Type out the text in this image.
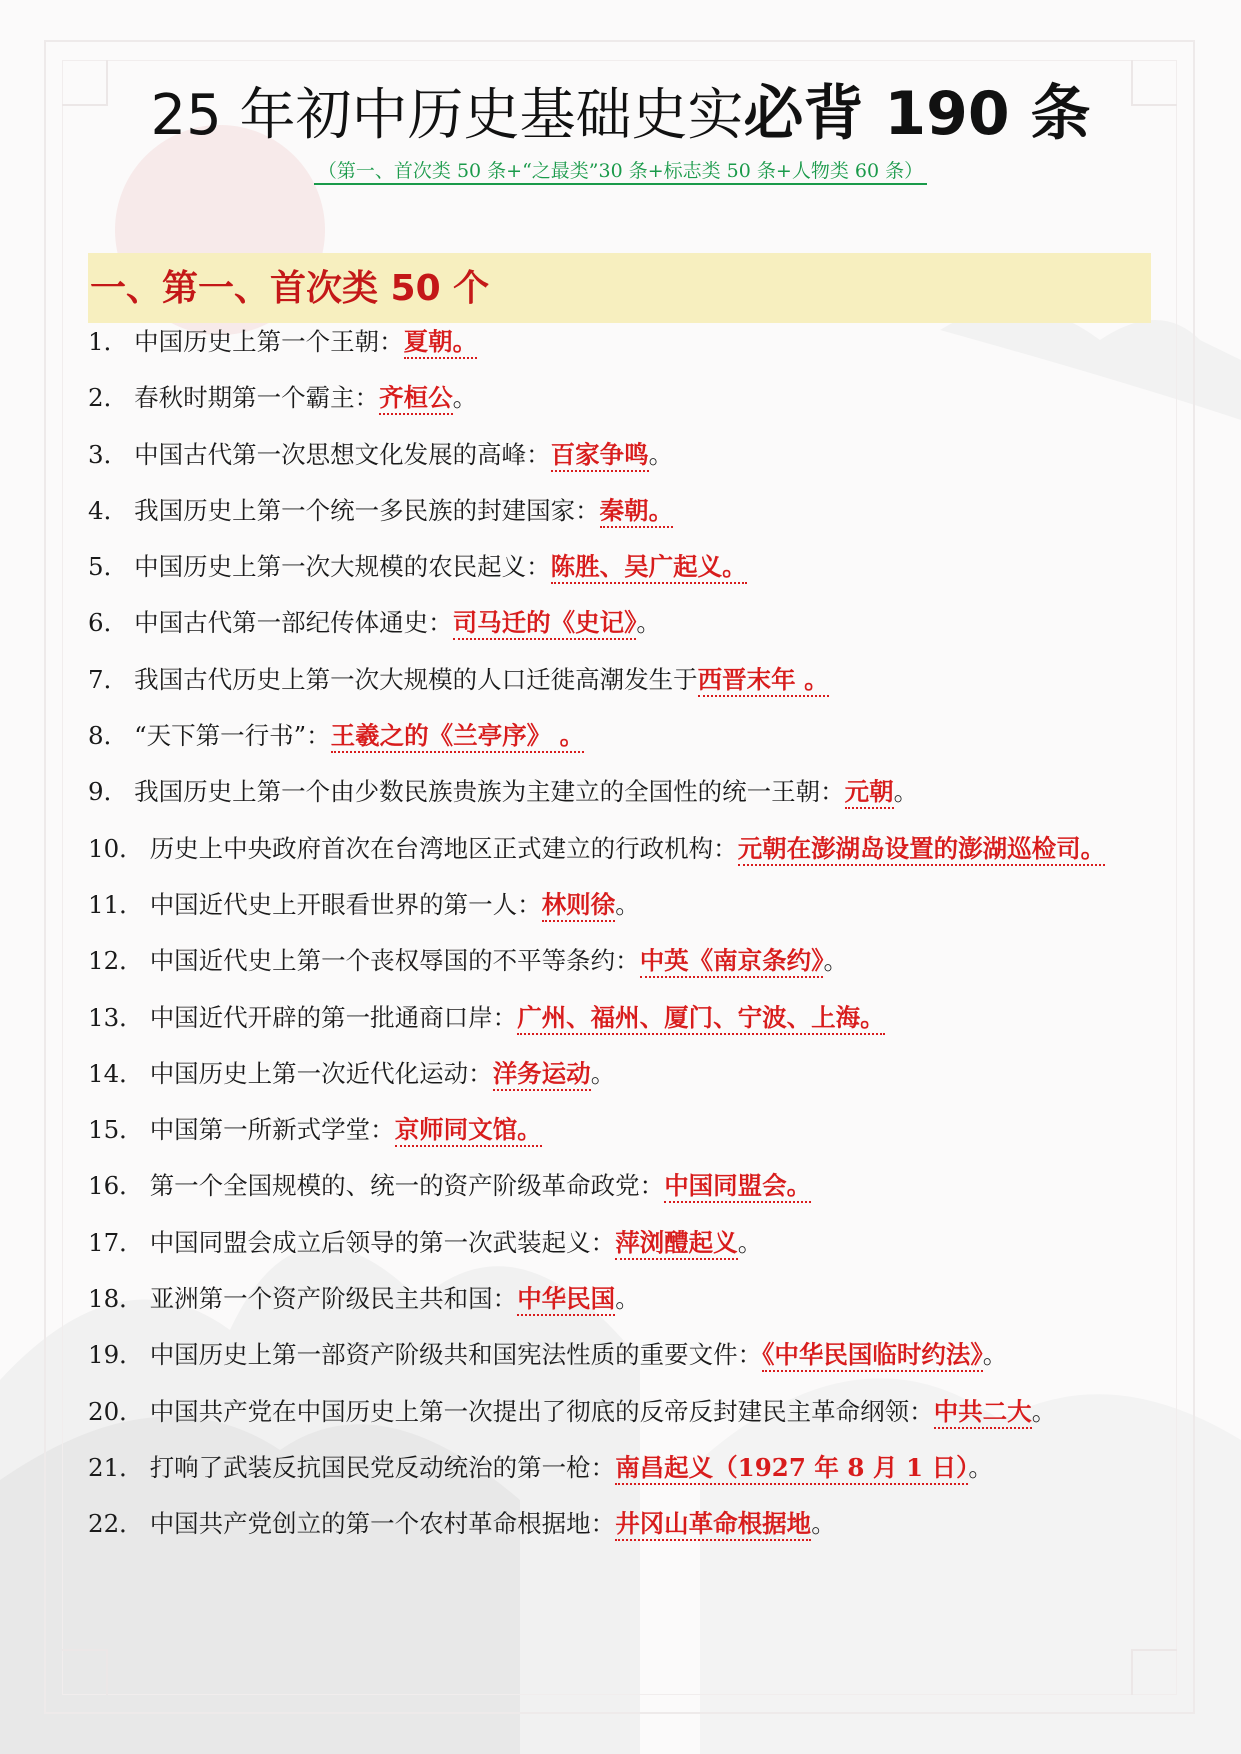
25 年初中历史基础史实必背 190 条
（第一、首次类 50 条+“之最类”30 条+标志类 50 条+人物类 60 条）
一、第一、首次类 50 个
1． 中国历史上第一个王朝：夏朝。
2． 春秋时期第一个霸主：齐桓公。
3． 中国古代第一次思想文化发展的高峰：百家争鸣。
4． 我国历史上第一个统一多民族的封建国家：秦朝。
5． 中国历史上第一次大规模的农民起义：陈胜、吴广起义。
6． 中国古代第一部纪传体通史：司马迁的《史记》。
7． 我国古代历史上第一次大规模的人口迁徙高潮发生于西晋末年 。
8． “天下第一行书”：王羲之的《兰亭序》 。
9． 我国历史上第一个由少数民族贵族为主建立的全国性的统一王朝：元朝。
10． 历史上中央政府首次在台湾地区正式建立的行政机构：元朝在澎湖岛设置的澎湖巡检司。
11． 中国近代史上开眼看世界的第一人：林则徐。
12． 中国近代史上第一个丧权辱国的不平等条约：中英《南京条约》。
13． 中国近代开辟的第一批通商口岸：广州、福州、厦门、宁波、上海。
14． 中国历史上第一次近代化运动：洋务运动。
15． 中国第一所新式学堂：京师同文馆。
16． 第一个全国规模的、统一的资产阶级革命政党：中国同盟会。
17． 中国同盟会成立后领导的第一次武装起义：萍浏醴起义。
18． 亚洲第一个资产阶级民主共和国：中华民国。
19． 中国历史上第一部资产阶级共和国宪法性质的重要文件：《中华民国临时约法》。
20． 中国共产党在中国历史上第一次提出了彻底的反帝反封建民主革命纲领：中共二大。
21． 打响了武装反抗国民党反动统治的第一枪：南昌起义（1927 年 8 月 1 日）。
22． 中国共产党创立的第一个农村革命根据地：井冈山革命根据地。
